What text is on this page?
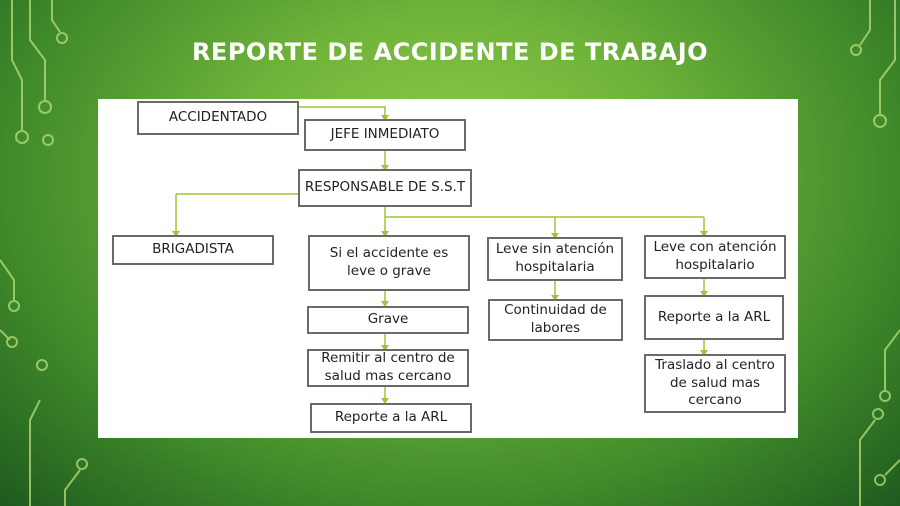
REPORTE DE ACCIDENTE DE TRABAJO
ACCIDENTADO
JEFE INMEDIATO
RESPONSABLE DE S.S.T
BRIGADISTA	Si el accidente es leve o grave
Leve sin atención hospitalaria
Leve con atención hospitalario
Grave
Remitir al centro de salud mas cercano
Reporte a la ARL
Continuidad de labores
Reporte a la ARL
Traslado al centro de salud mas cercano
